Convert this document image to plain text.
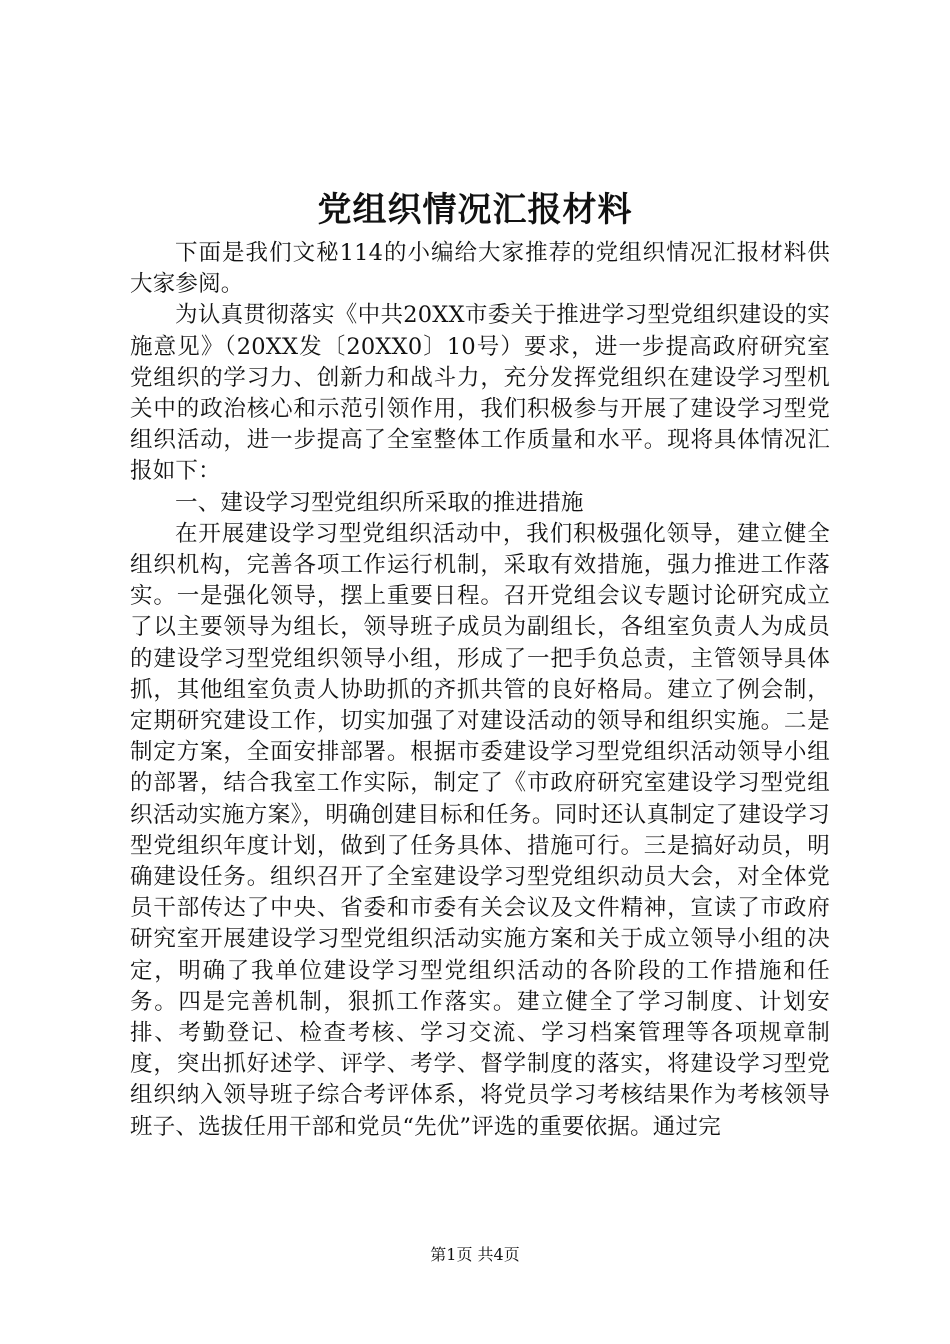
党组织情况汇报材料

下面是我们文秘114的小编给大家推荐的党组织情况汇报材料供大家参阅。

为认真贯彻落实《中共20XX市委关于推进学习型党组织建设的实施意见》（20XX发〔20XX0〕10号）要求，进一步提高政府研究室党组织的学习力、创新力和战斗力，充分发挥党组织在建设学习型机关中的政治核心和示范引领作用，我们积极参与开展了建设学习型党组织活动，进一步提高了全室整体工作质量和水平。现将具体情况汇报如下：

一、建设学习型党组织所采取的推进措施

在开展建设学习型党组织活动中，我们积极强化领导，建立健全组织机构，完善各项工作运行机制，采取有效措施，强力推进工作落实。一是强化领导，摆上重要日程。召开党组会议专题讨论研究成立了以主要领导为组长，领导班子成员为副组长，各组室负责人为成员的建设学习型党组织领导小组，形成了一把手负总责，主管领导具体抓，其他组室负责人协助抓的齐抓共管的良好格局。建立了例会制，定期研究建设工作，切实加强了对建设活动的领导和组织实施。二是制定方案，全面安排部署。根据市委建设学习型党组织活动领导小组的部署，结合我室工作实际，制定了《市政府研究室建设学习型党组织活动实施方案》，明确创建目标和任务。同时还认真制定了建设学习型党组织年度计划，做到了任务具体、措施可行。三是搞好动员，明确建设任务。组织召开了全室建设学习型党组织动员大会，对全体党员干部传达了中央、省委和市委有关会议及文件精神，宣读了市政府研究室开展建设学习型党组织活动实施方案和关于成立领导小组的决定，明确了我单位建设学习型党组织活动的各阶段的工作措施和任务。四是完善机制，狠抓工作落实。建立健全了学习制度、计划安排、考勤登记、检查考核、学习交流、学习档案管理等各项规章制度，突出抓好述学、评学、考学、督学制度的落实，将建设学习型党组织纳入领导班子综合考评体系，将党员学习考核结果作为考核领导班子、选拔任用干部和党员“先优”评选的重要依据。通过完

第1页 共4页
